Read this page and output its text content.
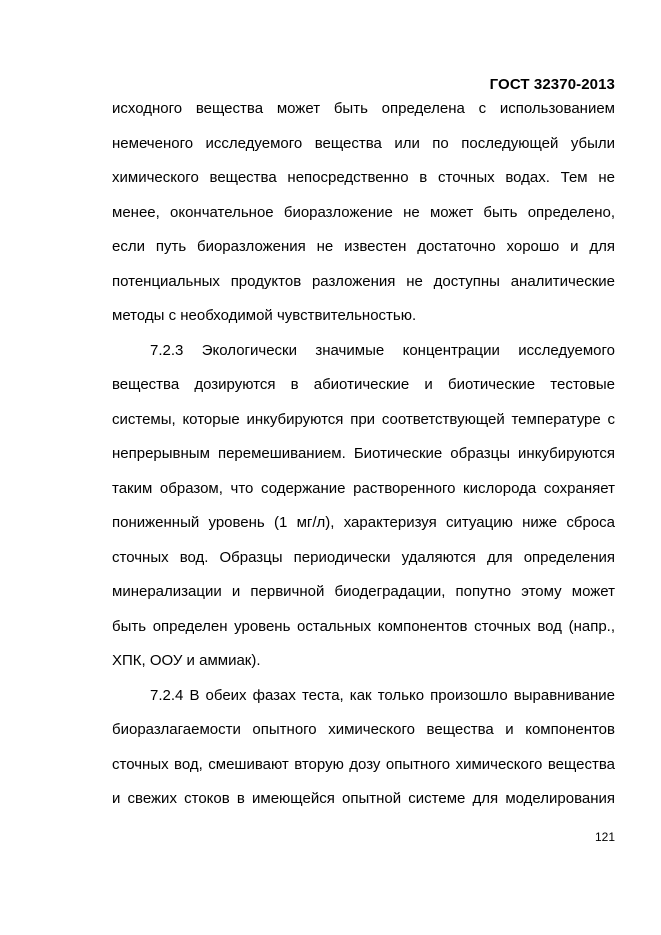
ГОСТ 32370-2013
исходного вещества может быть определена с использованием
немеченого исследуемого вещества или по последующей убыли
химического вещества непосредственно в сточных водах. Тем не
менее, окончательное биоразложение не может быть определено,
если путь биоразложения не известен достаточно хорошо и для
потенциальных продуктов разложения не доступны аналитические
методы с необходимой чувствительностью.
7.2.3 Экологически значимые концентрации исследуемого
вещества дозируются в абиотические и биотические тестовые
системы, которые инкубируются при соответствующей температуре с
непрерывным перемешиванием. Биотические образцы инкубируются
таким образом, что содержание растворенного кислорода сохраняет
пониженный уровень (1 мг/л), характеризуя ситуацию ниже сброса
сточных вод. Образцы периодически удаляются для определения
минерализации и первичной биодеградации, попутно этому может
быть определен уровень остальных компонентов сточных вод (напр.,
ХПК, ООУ и аммиак).
7.2.4 В обеих фазах теста, как только произошло выравнивание
биоразлагаемости опытного химического вещества и компонентов
сточных вод, смешивают вторую дозу опытного химического вещества
и свежих стоков в имеющейся опытной системе для моделирования
121
